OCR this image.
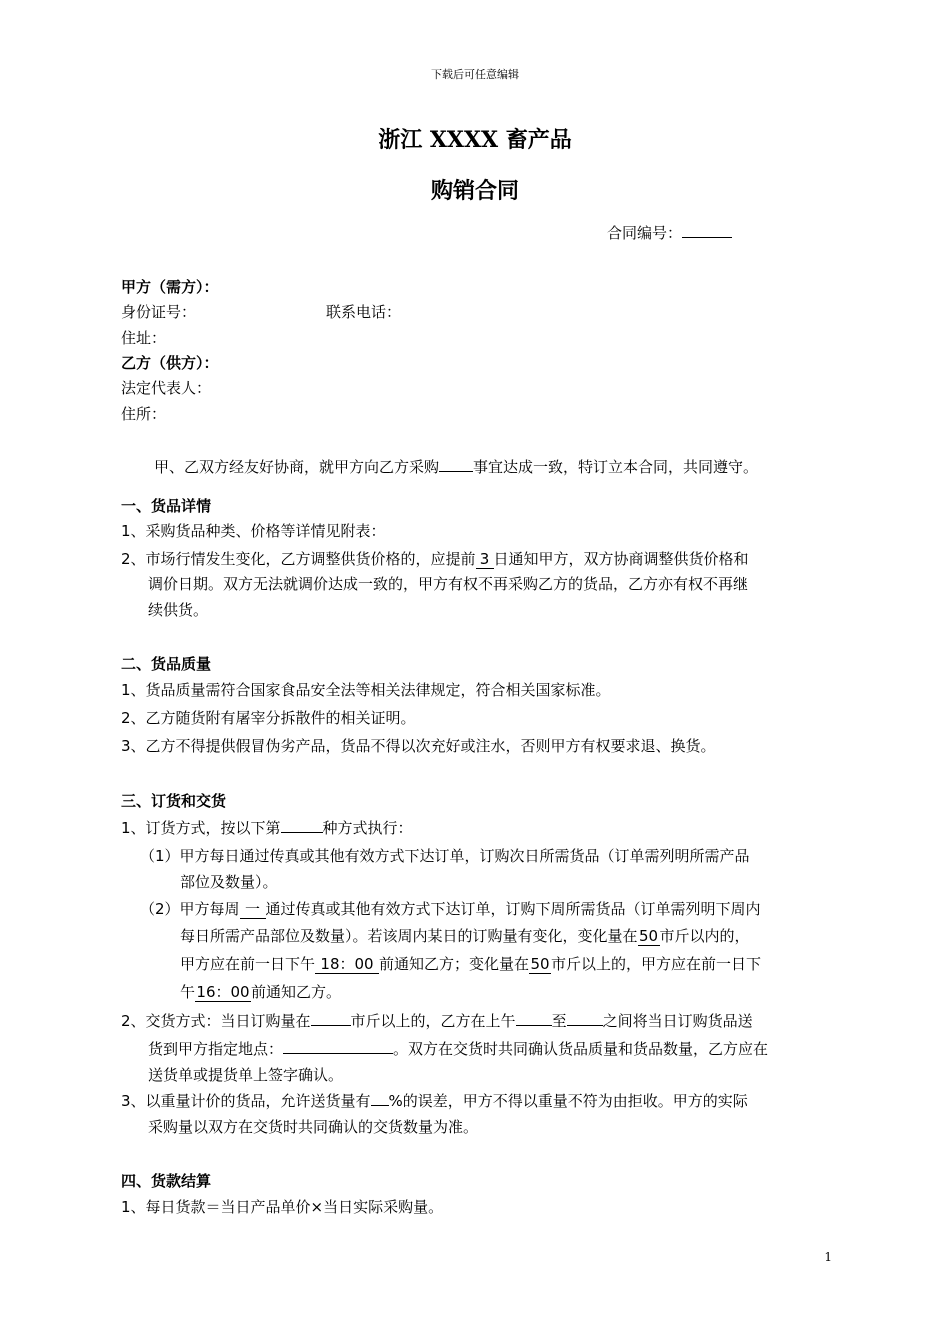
下载后可任意编辑
浙江 XXXX 畜产品
购销合同
合同编号：
甲方（需方）：
身份证号：	联系电话：
住址：
乙方（供方）：
法定代表人：
住所：
甲、乙双方经友好协商，就甲方向乙方采购 事宜达成一致，特订立本合同，共同遵守。
一、货品详情
1、采购货品种类、价格等详情见附表：
2、市场行情发生变化，乙方调整供货价格的，应提前 3 日通知甲方，双方协商调整供货价格和
调价日期。双方无法就调价达成一致的，甲方有权不再采购乙方的货品，乙方亦有权不再继
续供货。
二、货品质量
1、货品质量需符合国家食品安全法等相关法律规定，符合相关国家标准。
2、乙方随货附有屠宰分拆散件的相关证明。
3、乙方不得提供假冒伪劣产品，货品不得以次充好或注水，否则甲方有权要求退、换货。
三、订货和交货
1、订货方式，按以下第	种方式执行：
（1）甲方每日通过传真或其他有效方式下达订单，订购次日所需货品（订单需列明所需产品
部位及数量）。
（2）甲方每周 一 通过传真或其他有效方式下达订单，订购下周所需货品（订单需列明下周内
每日所需产品部位及数量）。若该周内某日的订购量有变化，变化量在50市斤以内的，
甲方应在前一日下午 18：00 前通知乙方；变化量在50市斤以上的，甲方应在前一日下
午16：00前通知乙方。
2、交货方式：当日订购量在	市斤以上的，乙方在上午 至 之间将当日订购货品送
货到甲方指定地点：	。双方在交货时共同确认货品质量和货品数量，乙方应在
送货单或提货单上签字确认。
3、以重量计价的货品，允许送货量有 %的误差，甲方不得以重量不符为由拒收。甲方的实际
采购量以双方在交货时共同确认的交货数量为准。
四、货款结算
1、每日货款＝当日产品单价×当日实际采购量。
1
